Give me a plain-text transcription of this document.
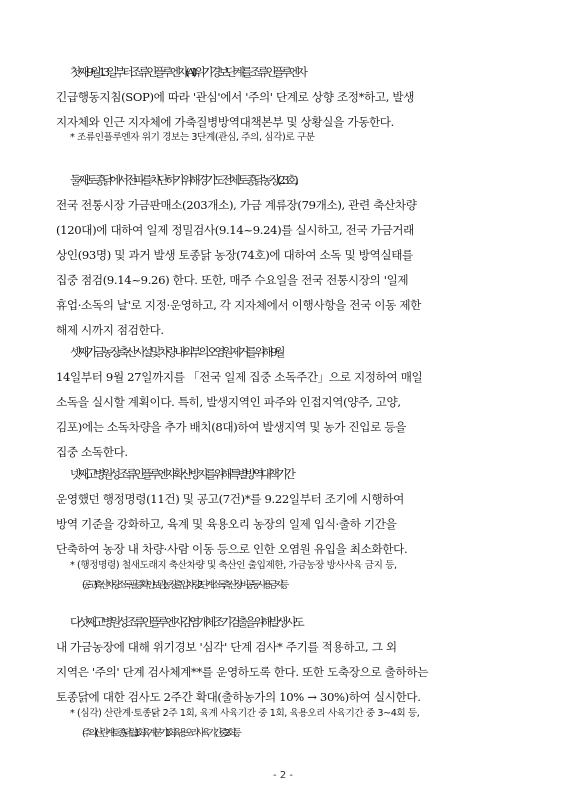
첫째, 9월 13일부터 조류인플루엔자(AI) 위기경보단계를 조류인플루엔자
긴급행동지침(SOP)에 따라 '관심'에서 '주의' 단계로 상향 조정*하고, 발생
지자체와 인근 지자체에 가축질병방역대책본부 및 상황실을 가동한다.

* 조류인플루엔자 위기 경보는 3단계(관심, 주의, 심각)로 구분

둘째, 토종닭에서 전파를 차단하기 위해 경기도 전체 토종닭 농장(23호),
전국 전통시장 가금판매소(203개소), 가금 계류장(79개소), 관련 축산차량
(120대)에 대하여 일제 정밀검사(9.14~9.24)를 실시하고, 전국 가금거래
상인(93명) 및 과거 발생 토종닭 농장(74호)에 대하여 소독 및 방역실태를
집중 점검(9.14~9.26) 한다. 또한, 매주 수요일을 전국 전통시장의 '일제
휴업·소독의 날'로 지정·운영하고, 각 지자체에서 이행사항을 전국 이동 제한
해제 시까지 점검한다.

셋째, 가금농장, 축산시설 및 차량 내·외부의 오염원 제거를 위해 9월
14일부터 9월 27일까지를 「전국 일제 집중 소독주간」으로 지정하여 매일
소독을 실시할 계획이다. 특히, 발생지역인 파주와 인접지역(양주, 고양,
김포)에는 소독차량을 추가 배치(8대)하여 발생지역 및 농가 진입로 등을
집중 소독한다.

넷째, 고병원성 조류인플루엔자 확산 방지를 위해 특별방역대책 기간
운영했던 행정명령(11건) 및 공고(7건)*를 9.22일부터 조기에 시행하여
방역 기준을 강화하고, 육계 및 육용오리 농장의 일제 입식·출하 기간을
단축하여 농장 내 차량·사람 이동 등으로 인한 오염원 유입을 최소화한다.

* (행정명령) 철새도래지 축산차량 및 축산인 출입제한, 가금농장 방사사육 금지 등,
(공고) 축산차량 소독필증 확인·보관, 농장 출입차량 2단계 소독, 축산장비 공동사용 금지 등

다섯째, 고병원성 조류인플루엔자 감염 개체 조기 검출을 위해 발생 시·도
내 가금농장에 대해 위기경보 '심각' 단계 검사* 주기를 적용하고, 그 외
지역은 '주의' 단계 검사체계**를 운영하도록 한다. 또한 도축장으로 출하하는
토종닭에 대한 검사도 2주간 확대(출하농가의 10% → 30%)하여 실시한다.

* (심각) 산란계·토종닭 2주 1회, 육계 사육기간 중 1회, 육용오리 사육기간 중 3~4회 등,
(주의) 산란계·토종닭 월 1회, 육계 분기 1회, 육용오리 사육기간 중 2회 등
- 2 -
